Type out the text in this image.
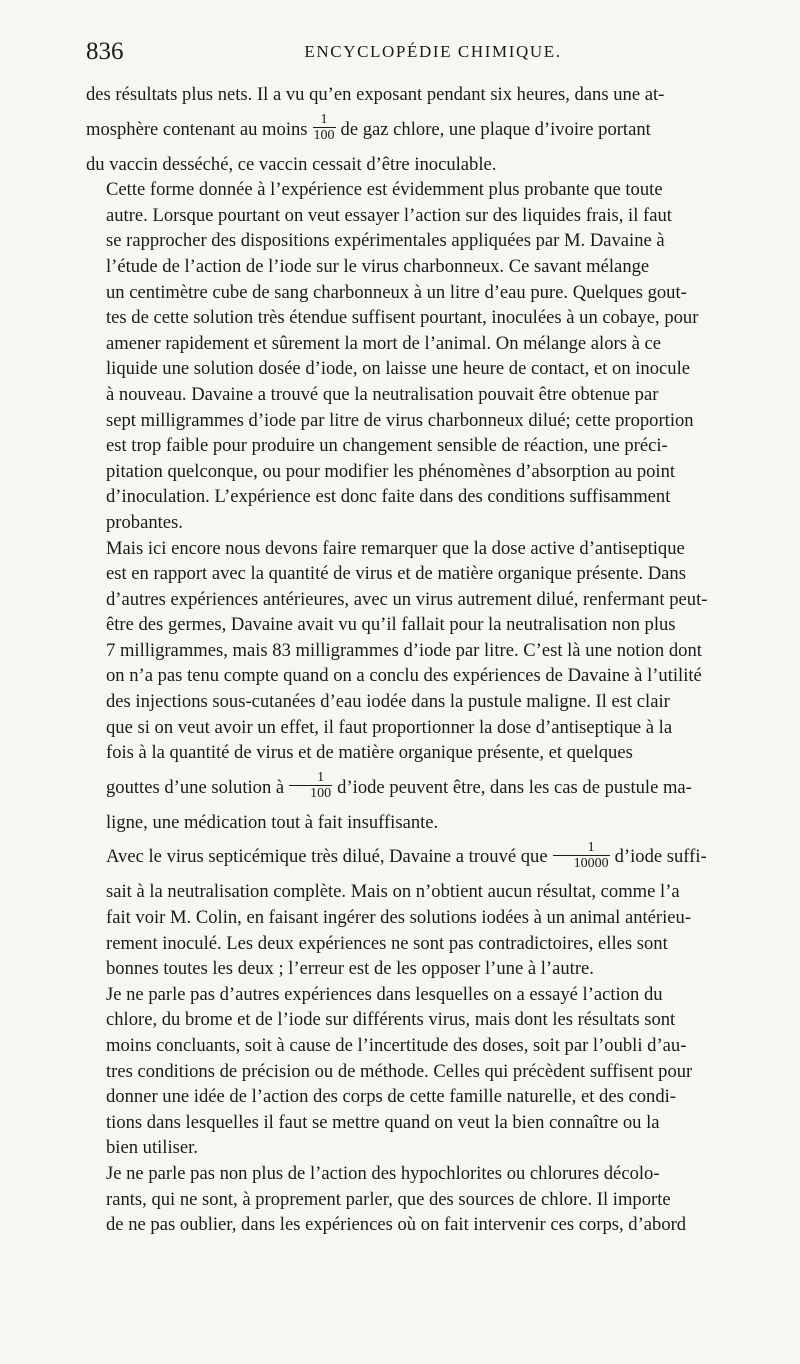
836	ENCYCLOPÉDIE CHIMIQUE.

des résultats plus nets. Il a vu qu’en exposant pendant six heures, dans une at-
mosphère contenant au moins $\frac{1}{100}$ de gaz chlore, une plaque d’ivoire portant
du vaccin desséché, ce vaccin cessait d’être inoculable.

Cette forme donnée à l’expérience est évidemment plus probante que toute
autre. Lorsque pourtant on veut essayer l’action sur des liquides frais, il faut
se rapprocher des dispositions expérimentales appliquées par M. Davaine à
l’étude de l’action de l’iode sur le virus charbonneux. Ce savant mélange
un centimètre cube de sang charbonneux à un litre d’eau pure. Quelques gout-
tes de cette solution très étendue suffisent pourtant, inoculées à un cobaye, pour
amener rapidement et sûrement la mort de l’animal. On mélange alors à ce
liquide une solution dosée d’iode, on laisse une heure de contact, et on inocule
à nouveau. Davaine a trouvé que la neutralisation pouvait être obtenue par
sept milligrammes d’iode par litre de virus charbonneux dilué; cette proportion
est trop faible pour produire un changement sensible de réaction, une préci-
pitation quelconque, ou pour modifier les phénomènes d’absorption au point
d’inoculation. L’expérience est donc faite dans des conditions suffisamment
probantes.

Mais ici encore nous devons faire remarquer que la dose active d’antiseptique
est en rapport avec la quantité de virus et de matière organique présente. Dans
d’autres expériences antérieures, avec un virus autrement dilué, renfermant peut-
être des germes, Davaine avait vu qu’il fallait pour la neutralisation non plus
7 milligrammes, mais 83 milligrammes d’iode par litre. C’est là une notion dont
on n’a pas tenu compte quand on a conclu des expériences de Davaine à l’utilité
des injections sous-cutanées d’eau iodée dans la pustule maligne. Il est clair
que si on veut avoir un effet, il faut proportionner la dose d’antiseptique à la
fois à la quantité de virus et de matière organique présente, et quelques
gouttes d’une solution à $\frac{1}{100}$ d’iode peuvent être, dans les cas de pustule ma-
ligne, une médication tout à fait insuffisante.

Avec le virus septicémique très dilué, Davaine a trouvé que $\frac{1}{10000}$ d’iode suffi-
sait à la neutralisation complète. Mais on n’obtient aucun résultat, comme l’a
fait voir M. Colin, en faisant ingérer des solutions iodées à un animal antérieu-
rement inoculé. Les deux expériences ne sont pas contradictoires, elles sont
bonnes toutes les deux ; l’erreur est de les opposer l’une à l’autre.

Je ne parle pas d’autres expériences dans lesquelles on a essayé l’action du
chlore, du brome et de l’iode sur différents virus, mais dont les résultats sont
moins concluants, soit à cause de l’incertitude des doses, soit par l’oubli d’au-
tres conditions de précision ou de méthode. Celles qui précèdent suffisent pour
donner une idée de l’action des corps de cette famille naturelle, et des condi-
tions dans lesquelles il faut se mettre quand on veut la bien connaître ou la
bien utiliser.

Je ne parle pas non plus de l’action des hypochlorites ou chlorures décolo-
rants, qui ne sont, à proprement parler, que des sources de chlore. Il importe
de ne pas oublier, dans les expériences où on fait intervenir ces corps, d’abord
